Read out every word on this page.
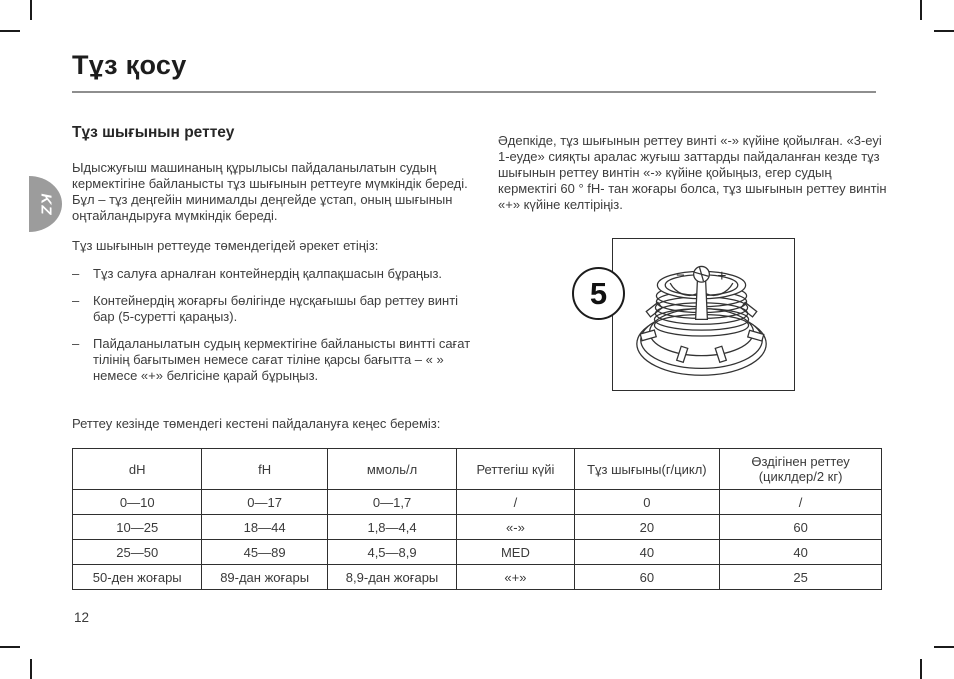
KZ
Тұз қосу
Тұз шығынын реттеу

Ыдысжуғыш машинаның құрылысы пайдаланылатын судың кермектігіне байланысты тұз шығынын реттеуге мүмкіндік береді. Бұл – тұз деңгейін минималды деңгейде ұстап, оның шығынын оңтайландыруға мүмкіндік береді.

Тұз шығынын реттеуде төмендегідей әрекет етіңіз:

–	Тұз салуға арналған контейнердің қалпақшасын бұраңыз.
–	Контейнердің жоғарғы бөлігінде нұсқағышы бар реттеу винті бар (5-суретті қараңыз).
–	Пайдаланылатын судың кермектігіне байланысты винтті сағат тілінің бағытымен немесе сағат тіліне қарсы бағытта – « » немесе «+» белгісіне қарай бұрыңыз.

Әдепкіде, тұз шығынын реттеу винті «-» күйіне қойылған. «3-еуі 1-еуде» сияқты аралас жуғыш заттарды пайдаланған кезде тұз шығынын реттеу винтін «-» күйіне қойыңыз, егер судың кермектігі 60 ° fH- тан жоғары болса, тұз шығынын реттеу винтін «+» күйіне келтіріңіз.

− +
5

Реттеу кезінде төмендегі кестені пайдалануға кеңес береміз:

dH	fH	ммоль/л	Реттегіш күйі	Тұз шығыны(г/цикл)	Өздігінен реттеу (циклдер/2 кг)
0—10	0—17	0—1,7	/	0	/
10—25	18—44	1,8—4,4	«-»	20	60
25—50	45—89	4,5—8,9	MED	40	40
50-ден жоғары	89-дан жоғары	8,9-дан жоғары	«+»	60	25
12
